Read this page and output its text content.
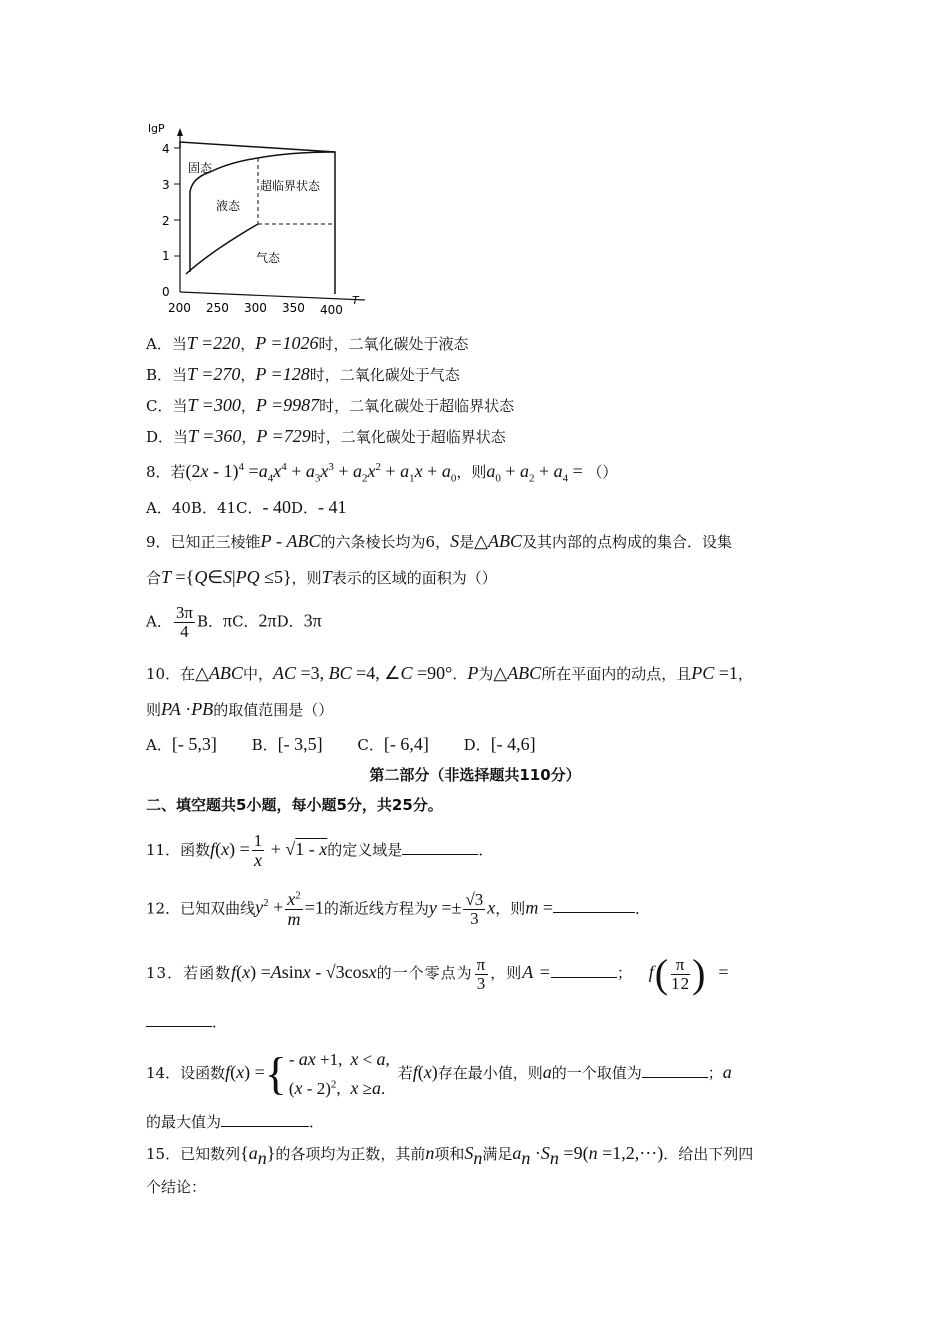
lgP
4
3
2
1
0
200 250 300 350 400
T
固态
液态
超临界状态
气态
A．当T =220，P =1026时，二氧化碳处于液态
B．当T =270，P =128时，二氧化碳处于气态
C．当T =300，P =9987时，二氧化碳处于超临界状态
D．当T =360，P =729时，二氧化碳处于超临界状态
8．若$(2x - 1)^4 =a_4x^4 + a_3x^3 + a_2x^2 + a_1x + a_0$，则$a_0 + a_2 + a_4$ = （）
A．40B．41C．- 40D．- 41
9．已知正三棱锥P - ABC的六条棱长均为6，S是△ABC及其内部的点构成的集合．设集
合T ={Q∈S|PQ ≤5}，则T表示的区域的面积为（）
A． $\frac{3\pi}{4}$ B．πC．2πD．3π
10．在△ABC中，AC =3, BC =4, ∠C =90°．P为△ABC所在平面内的动点，且PC =1，
则PA ·PB的取值范围是（）
A．[- 5,3] B．[- 3,5] C．[- 6,4] D．[- 4,6]
第二部分（非选择题共110分）
二、填空题共5小题，每小题5分，共25分。
11．函数$f(x) = \frac{1}{x} + √1 - x$的定义域是	．
12．已知双曲线$y^2 + \frac{x^2}{m} =1$的渐近线方程为$y =\pm \frac{√3}{3}$ x，则m =	．
13．若函数f(x) =Asinx - √3cosx的一个零点为 $\frac{\pi}{3}$ ，则A =	； $f( \frac{\pi}{12}$ ) =
．
14．设函数f(x) ={ - ax +1,	x < a,
(x - 2)$^2$,	x ≥a.若f(x)存在最小值，则a的一个取值为	；a
的最大值为	．
15．已知数列$\{a_n\}$的各项均为正数，其前n项和$S_n$满足$a_n \cdot S_n =9(n =1,2,\cdot\cdot\cdot)$．给出下列四
个结论：
